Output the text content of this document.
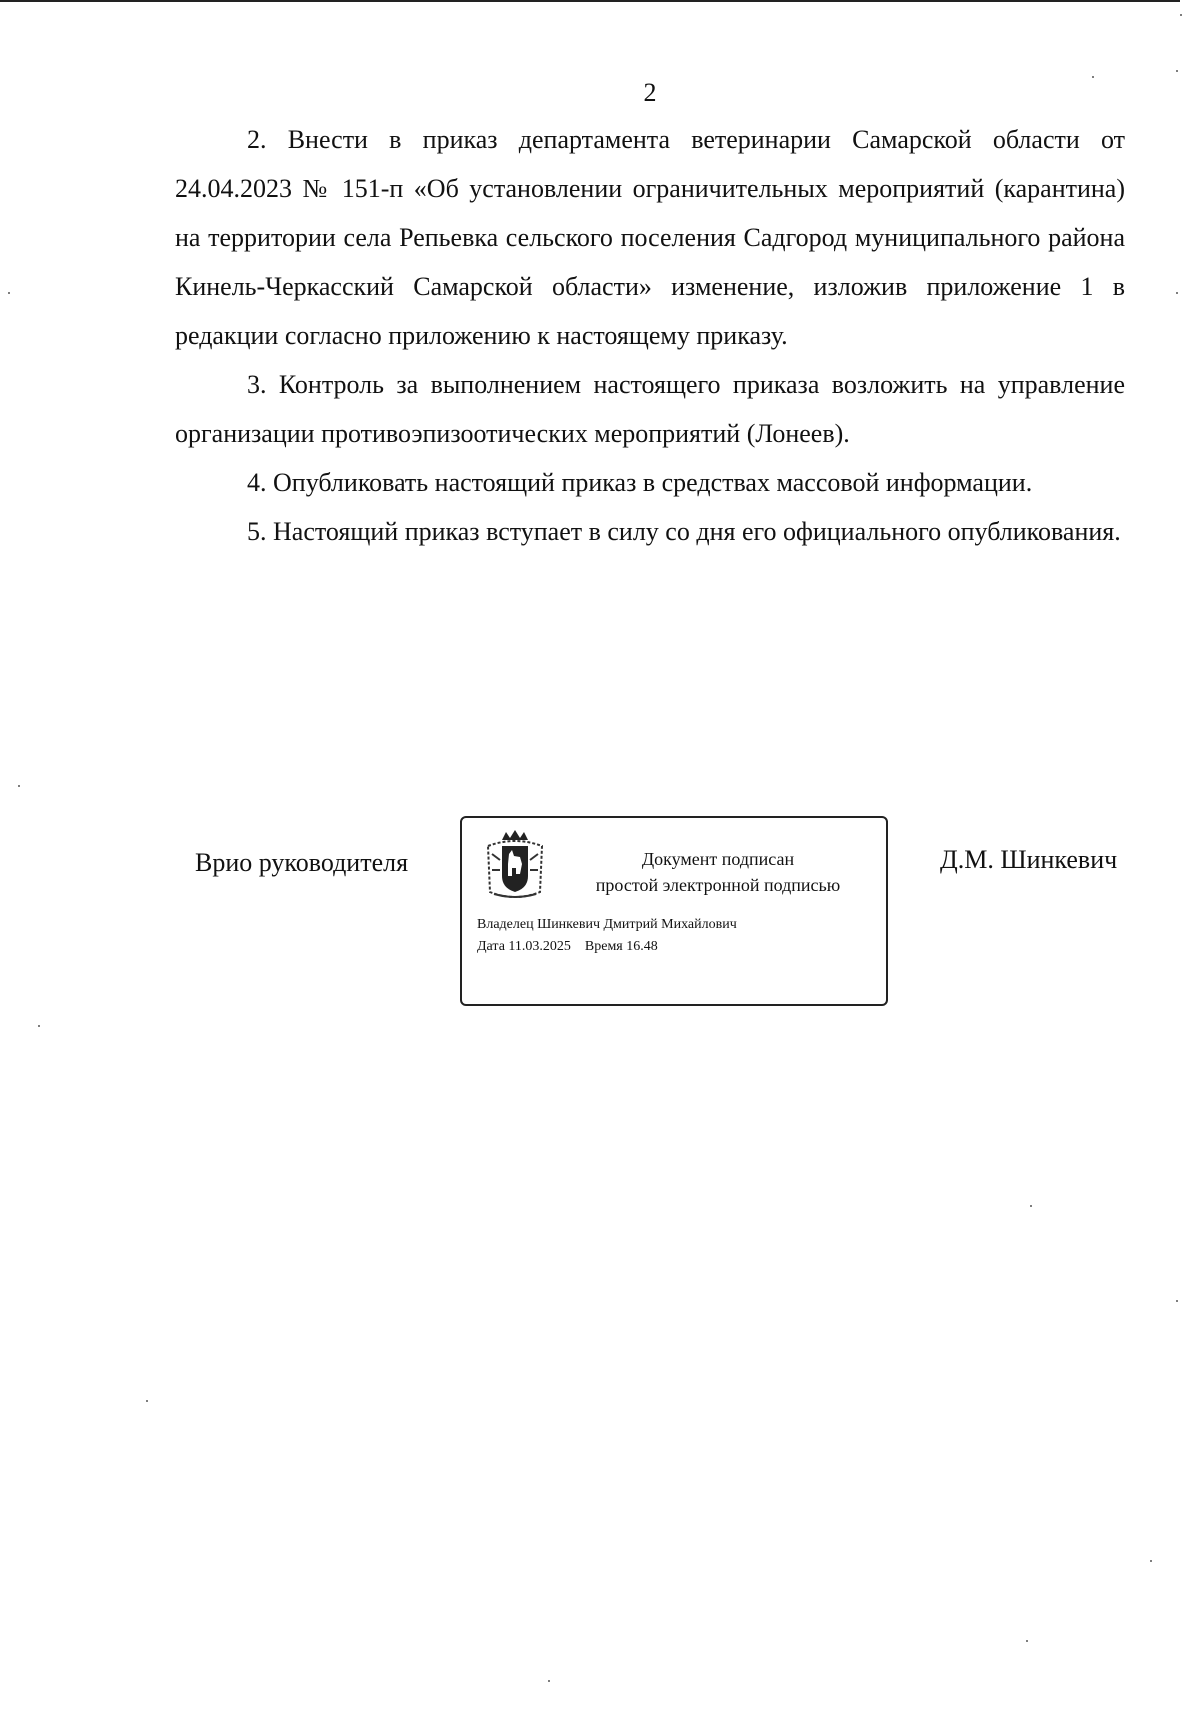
2

2. Внести в приказ департамента ветеринарии Самарской области от 24.04.2023 № 151-п «Об установлении ограничительных мероприятий (карантина) на территории села Репьевка сельского поселения Садгород муниципального района Кинель-Черкасский Самарской области» изменение, изложив приложение 1 в редакции согласно приложению к настоящему приказу.

3. Контроль за выполнением настоящего приказа возложить на управление организации противоэпизоотических мероприятий (Лонеев).

4. Опубликовать настоящий приказ в средствах массовой информации.

5. Настоящий приказ вступает в силу со дня его официального опубликования.

Врио руководителя	Документ подписан
простой электронной подписью
Владелец Шинкевич Дмитрий Михайлович
Дата 11.03.2025 Время 16.48
Д.М. Шинкевич
